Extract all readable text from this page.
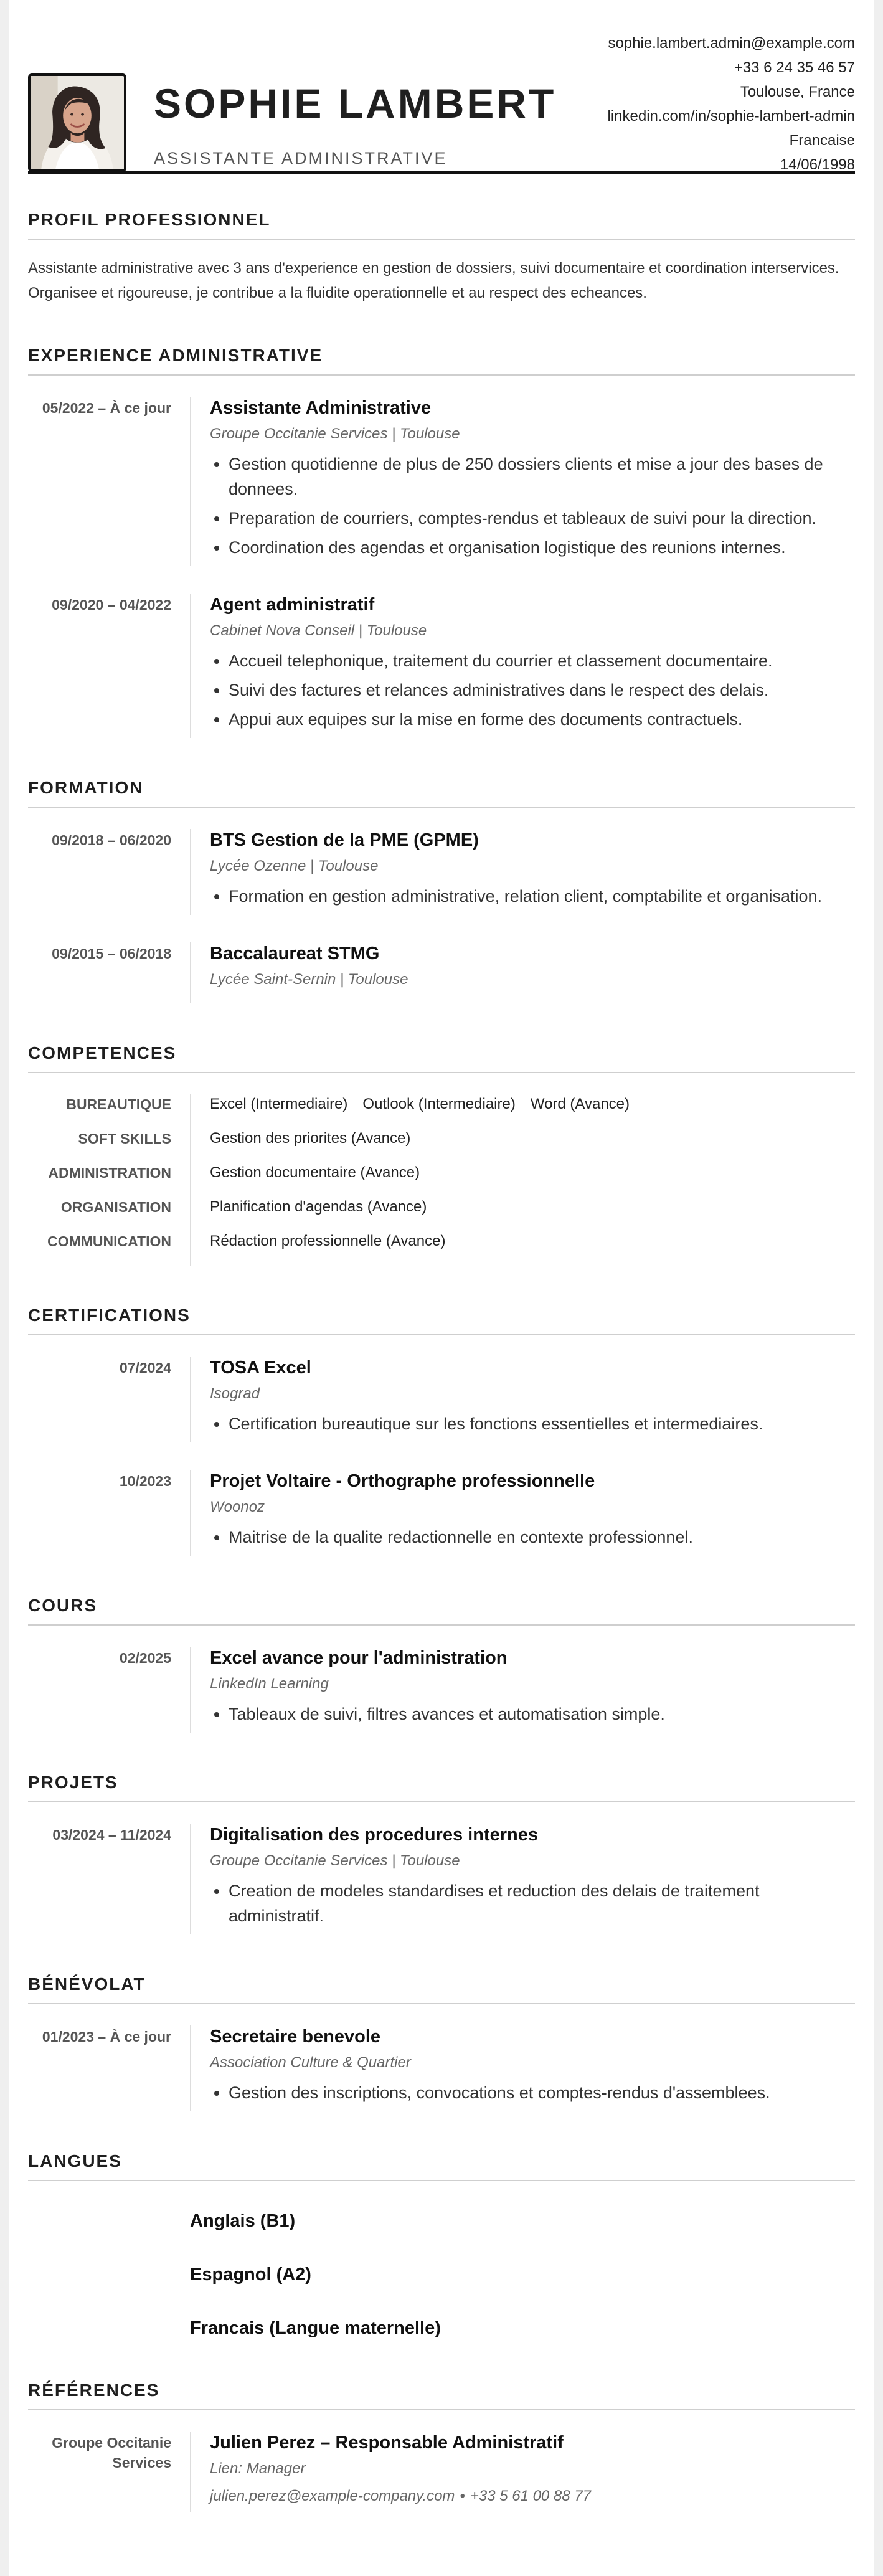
SOPHIE LAMBERT
ASSISTANTE ADMINISTRATIVE
sophie.lambert.admin@example.com
+33 6 24 35 46 57
Toulouse, France
linkedin.com/in/sophie-lambert-admin
Francaise
14/06/1998
PROFIL PROFESSIONNEL
Assistante administrative avec 3 ans d'experience en gestion de dossiers, suivi documentaire et coordination interservices. Organisee et rigoureuse, je contribue a la fluidite operationnelle et au respect des echeances.
EXPERIENCE ADMINISTRATIVE
05/2022 – À ce jour	Assistante Administrative
Groupe Occitanie Services | Toulouse
• Gestion quotidienne de plus de 250 dossiers clients et mise a jour des bases de donnees.
• Preparation de courriers, comptes-rendus et tableaux de suivi pour la direction.
• Coordination des agendas et organisation logistique des reunions internes.
09/2020 – 04/2022	Agent administratif
Cabinet Nova Conseil | Toulouse
• Accueil telephonique, traitement du courrier et classement documentaire.
• Suivi des factures et relances administratives dans le respect des delais.
• Appui aux equipes sur la mise en forme des documents contractuels.
FORMATION
09/2018 – 06/2020	BTS Gestion de la PME (GPME)
Lycée Ozenne | Toulouse
• Formation en gestion administrative, relation client, comptabilite et organisation.
09/2015 – 06/2018	Baccalaureat STMG
Lycée Saint-Sernin | Toulouse
COMPETENCES
BUREAUTIQUE	Excel (Intermediaire) Outlook (Intermediaire) Word (Avance)
SOFT SKILLS	Gestion des priorites (Avance)
ADMINISTRATION	Gestion documentaire (Avance)
ORGANISATION	Planification d'agendas (Avance)
COMMUNICATION	Rédaction professionnelle (Avance)
CERTIFICATIONS
07/2024	TOSA Excel
Isograd
• Certification bureautique sur les fonctions essentielles et intermediaires.
10/2023	Projet Voltaire - Orthographe professionnelle
Woonoz
• Maitrise de la qualite redactionnelle en contexte professionnel.
COURS
02/2025	Excel avance pour l'administration
LinkedIn Learning
• Tableaux de suivi, filtres avances et automatisation simple.
PROJETS
03/2024 – 11/2024	Digitalisation des procedures internes
Groupe Occitanie Services | Toulouse
• Creation de modeles standardises et reduction des delais de traitement administratif.
BÉNÉVOLAT
01/2023 – À ce jour	Secretaire benevole
Association Culture & Quartier
• Gestion des inscriptions, convocations et comptes-rendus d'assemblees.
LANGUES
Anglais (B1)
Espagnol (A2)
Francais (Langue maternelle)
RÉFÉRENCES
Groupe Occitanie Services
Julien Perez – Responsable Administratif
Lien: Manager
julien.perez@example-company.com • +33 5 61 00 88 77
